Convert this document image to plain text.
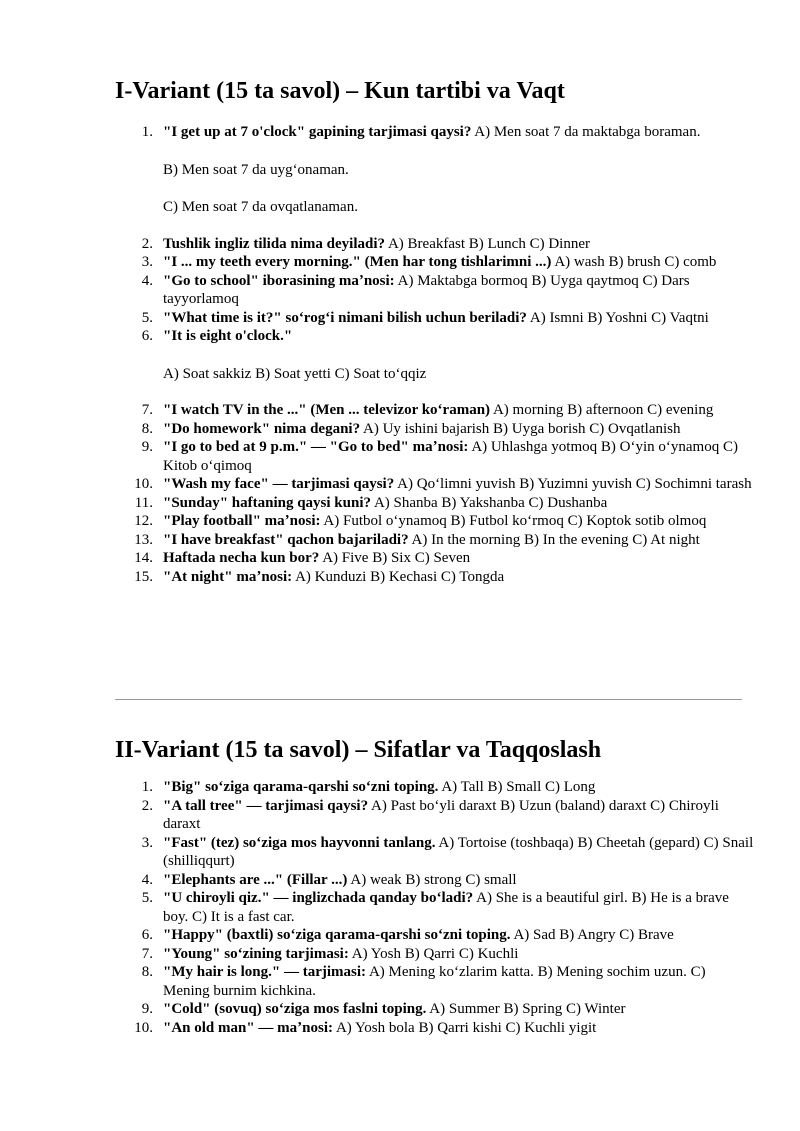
I-Variant (15 ta savol) – Kun tartibi va Vaqt
1. "I get up at 7 o'clock" gapining tarjimasi qaysi? A) Men soat 7 da maktabga boraman.
B) Men soat 7 da uygʻonaman.
C) Men soat 7 da ovqatlanaman.
2. Tushlik ingliz tilida nima deyiladi? A) Breakfast B) Lunch C) Dinner
3. "I ... my teeth every morning." (Men har tong tishlarimni ...) A) wash B) brush C) comb
4. "Go to school" iborasining maʼnosi: A) Maktabga bormoq B) Uyga qaytmoq C) Dars tayyorlamoq
5. "What time is it?" soʻrogʻi nimani bilish uchun beriladi? A) Ismni B) Yoshni C) Vaqtni
6. "It is eight o'clock."
A) Soat sakkiz B) Soat yetti C) Soat toʻqqiz
7. "I watch TV in the ..." (Men ... televizor koʻraman) A) morning B) afternoon C) evening
8. "Do homework" nima degani? A) Uy ishini bajarish B) Uyga borish C) Ovqatlanish
9. "I go to bed at 9 p.m." — "Go to bed" maʼnosi: A) Uhlashga yotmoq B) Oʻyin oʻynamoq C) Kitob oʻqimoq
10. "Wash my face" — tarjimasi qaysi? A) Qoʻlimni yuvish B) Yuzimni yuvish C) Sochimni tarash
11. "Sunday" haftaning qaysi kuni? A) Shanba B) Yakshanba C) Dushanba
12. "Play football" maʼnosi: A) Futbol oʻynamoq B) Futbol koʻrmoq C) Koptok sotib olmoq
13. "I have breakfast" qachon bajariladi? A) In the morning B) In the evening C) At night
14. Haftada necha kun bor? A) Five B) Six C) Seven
15. "At night" maʼnosi: A) Kunduzi B) Kechasi C) Tongda
II-Variant (15 ta savol) – Sifatlar va Taqqoslash
1. "Big" soʻziga qarama-qarshi soʻzni toping. A) Tall B) Small C) Long
2. "A tall tree" — tarjimasi qaysi? A) Past boʻyli daraxt B) Uzun (baland) daraxt C) Chiroyli daraxt
3. "Fast" (tez) soʻziga mos hayvonni tanlang. A) Tortoise (toshbaqa) B) Cheetah (gepard) C) Snail (shilliqqurt)
4. "Elephants are ..." (Fillar ...) A) weak B) strong C) small
5. "U chiroyli qiz." — inglizchada qanday boʻladi? A) She is a beautiful girl. B) He is a brave boy. C) It is a fast car.
6. "Happy" (baxtli) soʻziga qarama-qarshi soʻzni toping. A) Sad B) Angry C) Brave
7. "Young" soʻzining tarjimasi: A) Yosh B) Qarri C) Kuchli
8. "My hair is long." — tarjimasi: A) Mening koʻzlarim katta. B) Mening sochim uzun. C) Mening burnim kichkina.
9. "Cold" (sovuq) soʻziga mos faslni toping. A) Summer B) Spring C) Winter
10. "An old man" — maʼnosi: A) Yosh bola B) Qarri kishi C) Kuchli yigit
